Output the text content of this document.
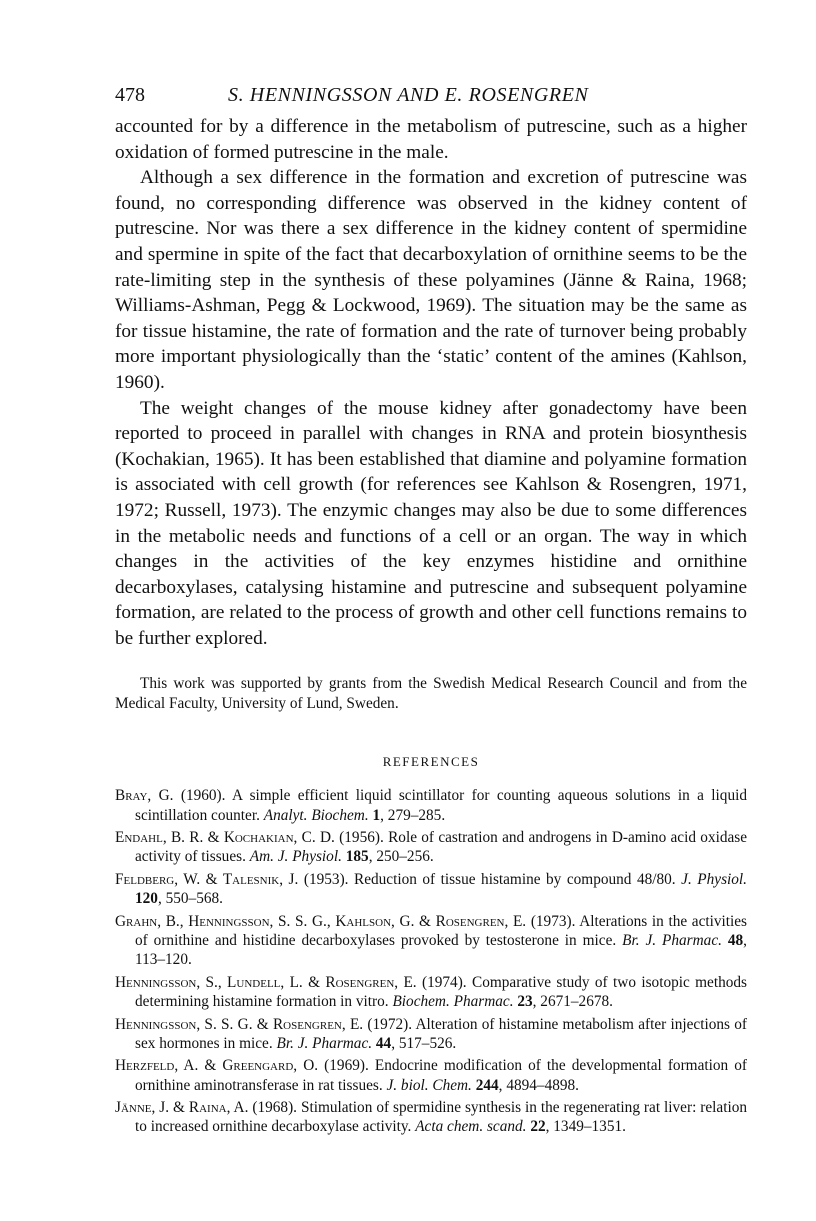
478	S. HENNINGSSON AND E. ROSENGREN

accounted for by a difference in the metabolism of putrescine, such as a higher oxidation of formed putrescine in the male.

Although a sex difference in the formation and excretion of putrescine was found, no corresponding difference was observed in the kidney content of putrescine. Nor was there a sex difference in the kidney content of spermidine and spermine in spite of the fact that decarboxylation of ornithine seems to be the rate-limiting step in the synthesis of these polyamines (Jänne & Raina, 1968; Williams-Ashman, Pegg & Lockwood, 1969). The situation may be the same as for tissue histamine, the rate of formation and the rate of turnover being probably more important physiologically than the ‘static’ content of the amines (Kahlson, 1960).

The weight changes of the mouse kidney after gonadectomy have been reported to proceed in parallel with changes in RNA and protein biosynthesis (Kochakian, 1965). It has been established that diamine and polyamine formation is associated with cell growth (for references see Kahlson & Rosengren, 1971, 1972; Russell, 1973). The enzymic changes may also be due to some differences in the metabolic needs and functions of a cell or an organ. The way in which changes in the activities of the key enzymes histidine and ornithine decarboxylases, catalysing histamine and putrescine and subsequent polyamine formation, are related to the process of growth and other cell functions remains to be further explored.

This work was supported by grants from the Swedish Medical Research Council and from the Medical Faculty, University of Lund, Sweden.
REFERENCES
Bray, G. (1960). A simple efficient liquid scintillator for counting aqueous solutions in a liquid scintillation counter. Analyt. Biochem. 1, 279–285.
Endahl, B. R. & Kochakian, C. D. (1956). Role of castration and androgens in D-amino acid oxidase activity of tissues. Am. J. Physiol. 185, 250–256.
Feldberg, W. & Talesnik, J. (1953). Reduction of tissue histamine by compound 48/80. J. Physiol. 120, 550–568.
Grahn, B., Henningsson, S. S. G., Kahlson, G. & Rosengren, E. (1973). Alterations in the activities of ornithine and histidine decarboxylases provoked by testosterone in mice. Br. J. Pharmac. 48, 113–120.
Henningsson, S., Lundell, L. & Rosengren, E. (1974). Comparative study of two isotopic methods determining histamine formation in vitro. Biochem. Pharmac. 23, 2671–2678.
Henningsson, S. S. G. & Rosengren, E. (1972). Alteration of histamine metabolism after injections of sex hormones in mice. Br. J. Pharmac. 44, 517–526.
Herzfeld, A. & Greengard, O. (1969). Endocrine modification of the developmental formation of ornithine aminotransferase in rat tissues. J. biol. Chem. 244, 4894–4898.
Jänne, J. & Raina, A. (1968). Stimulation of spermidine synthesis in the regenerating rat liver: relation to increased ornithine decarboxylase activity. Acta chem. scand. 22, 1349–1351.
